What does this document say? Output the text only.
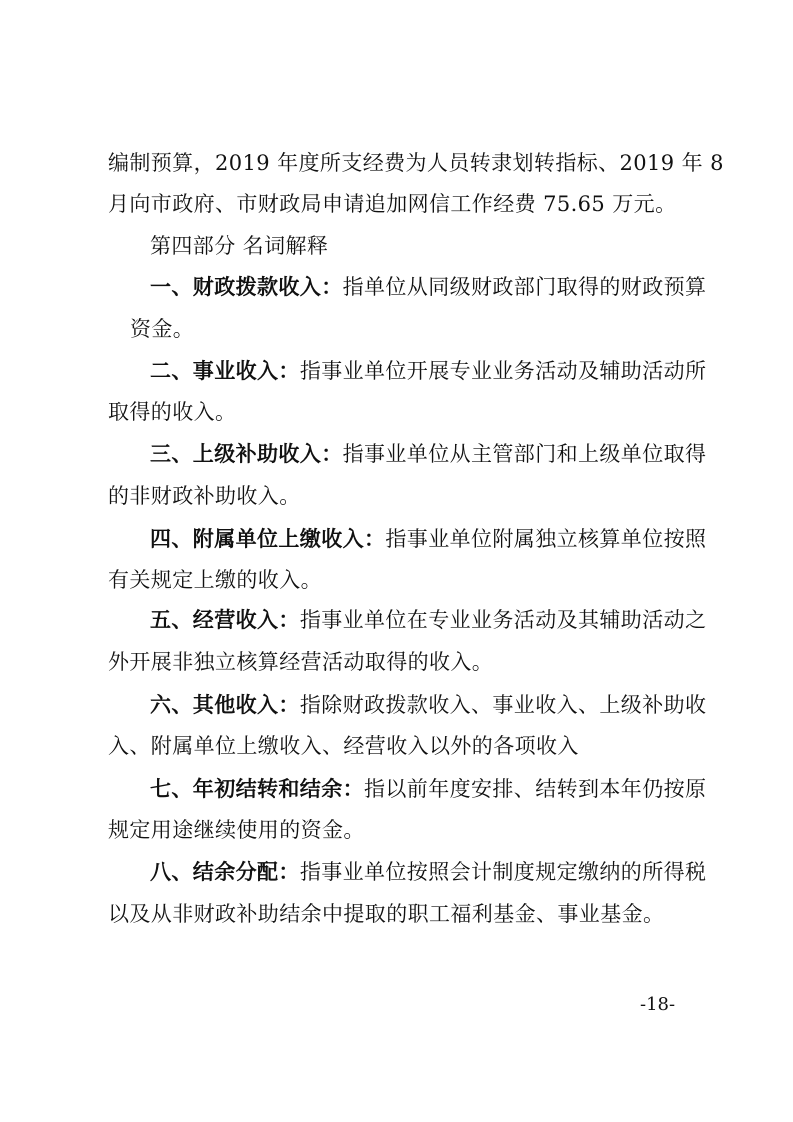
编制预算，2019 年度所支经费为人员转隶划转指标、2019 年 8
月向市政府、市财政局申请追加网信工作经费 75.65 万元。
第四部分 名词解释
一、财政拨款收入：指单位从同级财政部门取得的财政预算
资金。
二、事业收入：指事业单位开展专业业务活动及辅助活动所
取得的收入。
三、上级补助收入：指事业单位从主管部门和上级单位取得
的非财政补助收入。
四、附属单位上缴收入：指事业单位附属独立核算单位按照
有关规定上缴的收入。
五、经营收入：指事业单位在专业业务活动及其辅助活动之
外开展非独立核算经营活动取得的收入。
六、其他收入：指除财政拨款收入、事业收入、上级补助收
入、附属单位上缴收入、经营收入以外的各项收入
七、年初结转和结余：指以前年度安排、结转到本年仍按原
规定用途继续使用的资金。
八、结余分配：指事业单位按照会计制度规定缴纳的所得税
以及从非财政补助结余中提取的职工福利基金、事业基金。
-18-
